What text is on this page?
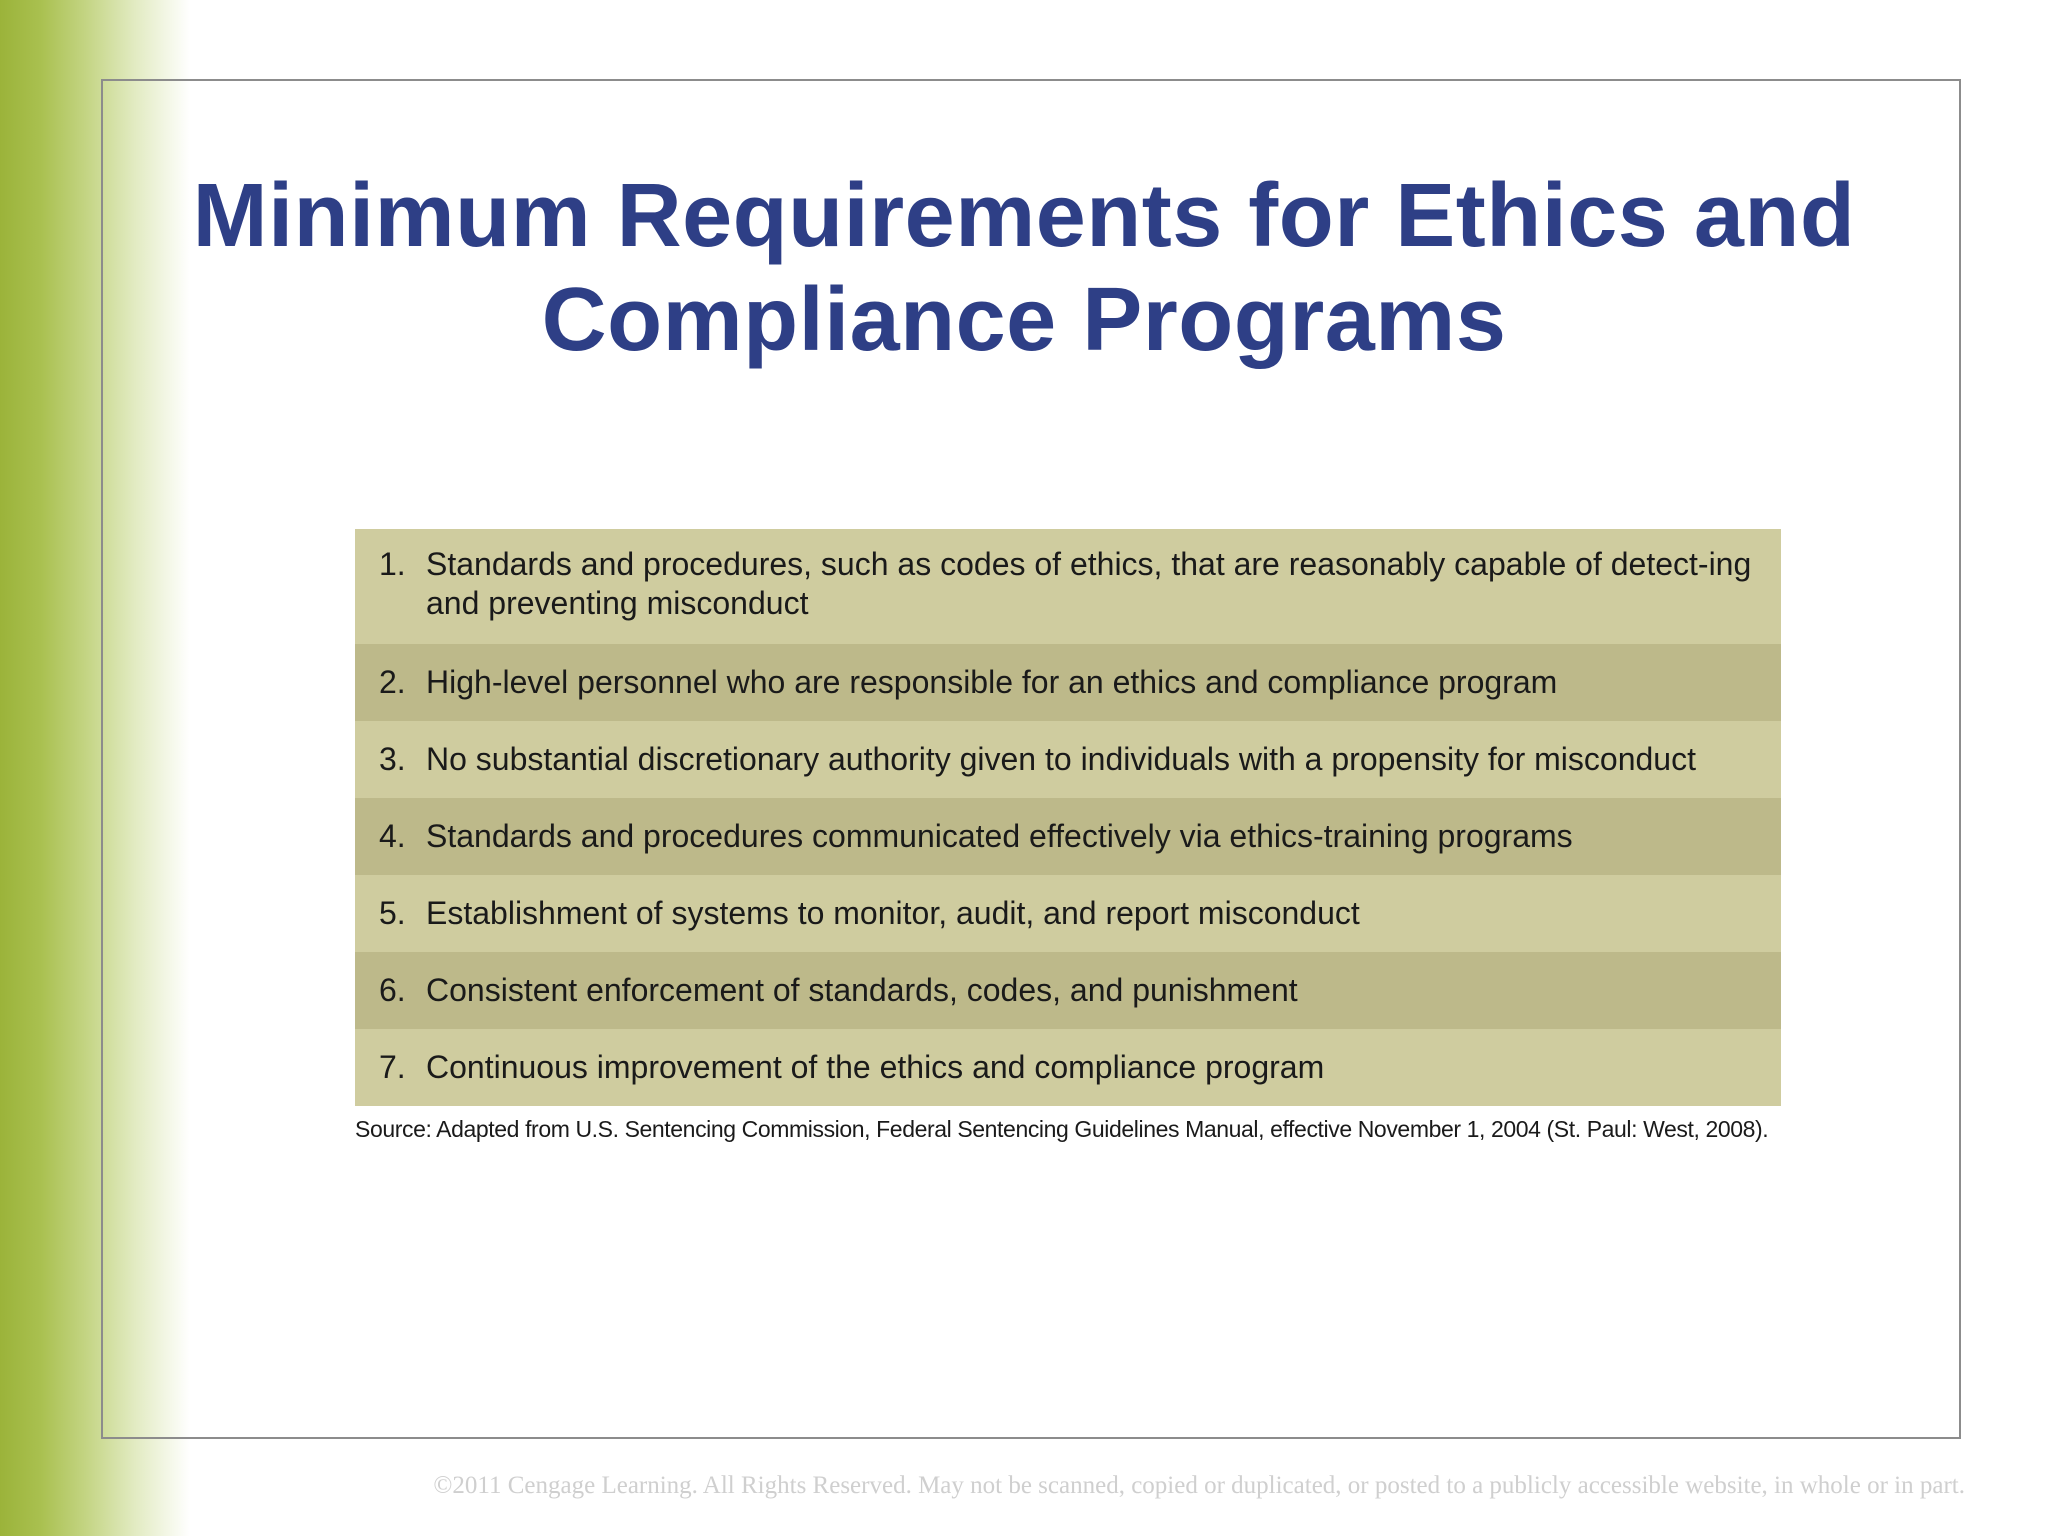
Minimum Requirements for Ethics and Compliance Programs
1. Standards and procedures, such as codes of ethics, that are reasonably capable of detect-ing and preventing misconduct
2. High-level personnel who are responsible for an ethics and compliance program
3. No substantial discretionary authority given to individuals with a propensity for misconduct
4. Standards and procedures communicated effectively via ethics-training programs
5. Establishment of systems to monitor, audit, and report misconduct
6. Consistent enforcement of standards, codes, and punishment
7. Continuous improvement of the ethics and compliance program
Source: Adapted from U.S. Sentencing Commission, Federal Sentencing Guidelines Manual, effective November 1, 2004 (St. Paul: West, 2008).
©2011 Cengage Learning. All Rights Reserved. May not be scanned, copied or duplicated, or posted to a publicly accessible website, in whole or in part.
